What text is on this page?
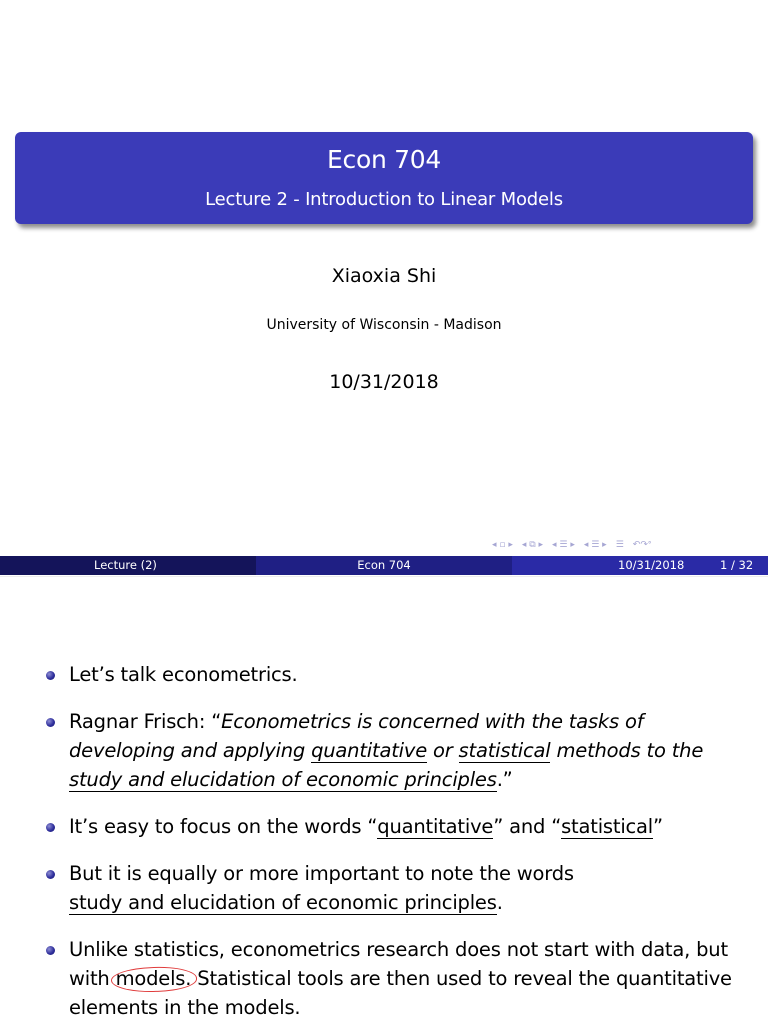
Econ 704
Lecture 2 - Introduction to Linear Models
Xiaoxia Shi
University of Wisconsin - Madison
10/31/2018
◂ ▫ ▸ ◂ ⧉ ▸ ◂ ☰ ▸ ◂ ☰ ▸ ☰ ↶↷ᐤ
Lecture (2)	Econ 704	10/31/2018	1 / 32
Let’s talk econometrics.
Ragnar Frisch: “Econometrics is concerned with the tasks of
developing and applying quantitative or statistical methods to the
study and elucidation of economic principles.”
It’s easy to focus on the words “quantitative” and “statistical”
But it is equally or more important to note the words
study and elucidation of economic principles.
Unlike statistics, econometrics research does not start with data, but
with models. Statistical tools are then used to reveal the quantitative
elements in the models.
